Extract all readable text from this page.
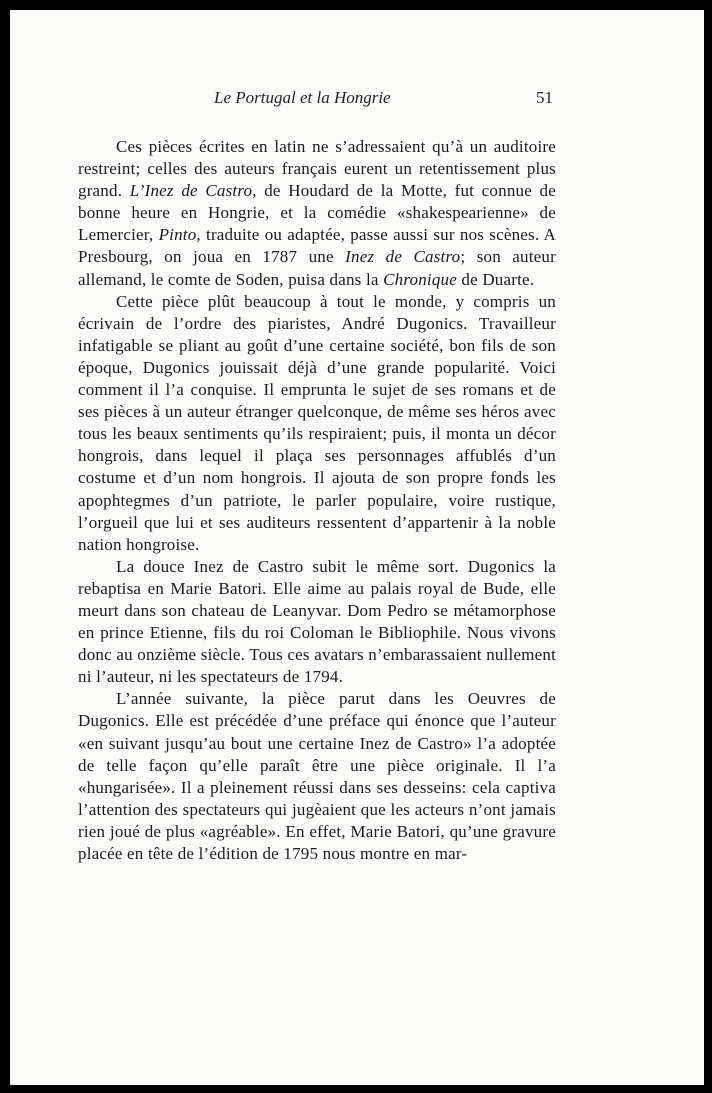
Le Portugal et la Hongrie	51

Ces pièces écrites en latin ne s’adressaient qu’à un auditoire restreint; celles des auteurs français eurent un retentissement plus grand. L’Inez de Castro, de Houdard de la Motte, fut connue de bonne heure en Hongrie, et la comédie «shakespearienne» de Lemercier, Pinto, traduite ou adaptée, passe aussi sur nos scènes. A Presbourg, on joua en 1787 une Inez de Castro; son auteur allemand, le comte de Soden, puisa dans la Chronique de Duarte.

Cette pièce plût beaucoup à tout le monde, y compris un écrivain de l’ordre des piaristes, André Dugonics. Travailleur infatigable se pliant au goût d’une certaine société, bon fils de son époque, Dugonics jouissait déjà d’une grande popularité. Voici comment il l’a conquise. Il emprunta le sujet de ses romans et de ses pièces à un auteur étranger quelconque, de même ses héros avec tous les beaux sentiments qu’ils respiraient; puis, il monta un décor hongrois, dans lequel il plaça ses personnages affublés d’un costume et d’un nom hongrois. Il ajouta de son propre fonds les apophtegmes d’un patriote, le parler populaire, voire rustique, l’orgueil que lui et ses auditeurs ressentent d’appartenir à la noble nation hongroise.

La douce Inez de Castro subit le même sort. Dugonics la rebaptisa en Marie Batori. Elle aime au palais royal de Bude, elle meurt dans son chateau de Leanyvar. Dom Pedro se métamorphose en prince Etienne, fils du roi Coloman le Bibliophile. Nous vivons donc au onzième siècle. Tous ces avatars n’embarassaient nullement ni l’auteur, ni les spectateurs de 1794.

L’année suivante, la pièce parut dans les Oeuvres de Dugonics. Elle est précédée d’une préface qui énonce que l’auteur «en suivant jusqu’au bout une certaine Inez de Castro» l’a adoptée de telle façon qu’elle paraît être une pièce originale. Il l’a «hungarisée». Il a pleinement réussi dans ses desseins: cela captiva l’attention des spectateurs qui jugèaient que les acteurs n’ont jamais rien joué de plus «agréable». En effet, Marie Batori, qu’une gravure placée en tête de l’édition de 1795 nous montre en mar-
